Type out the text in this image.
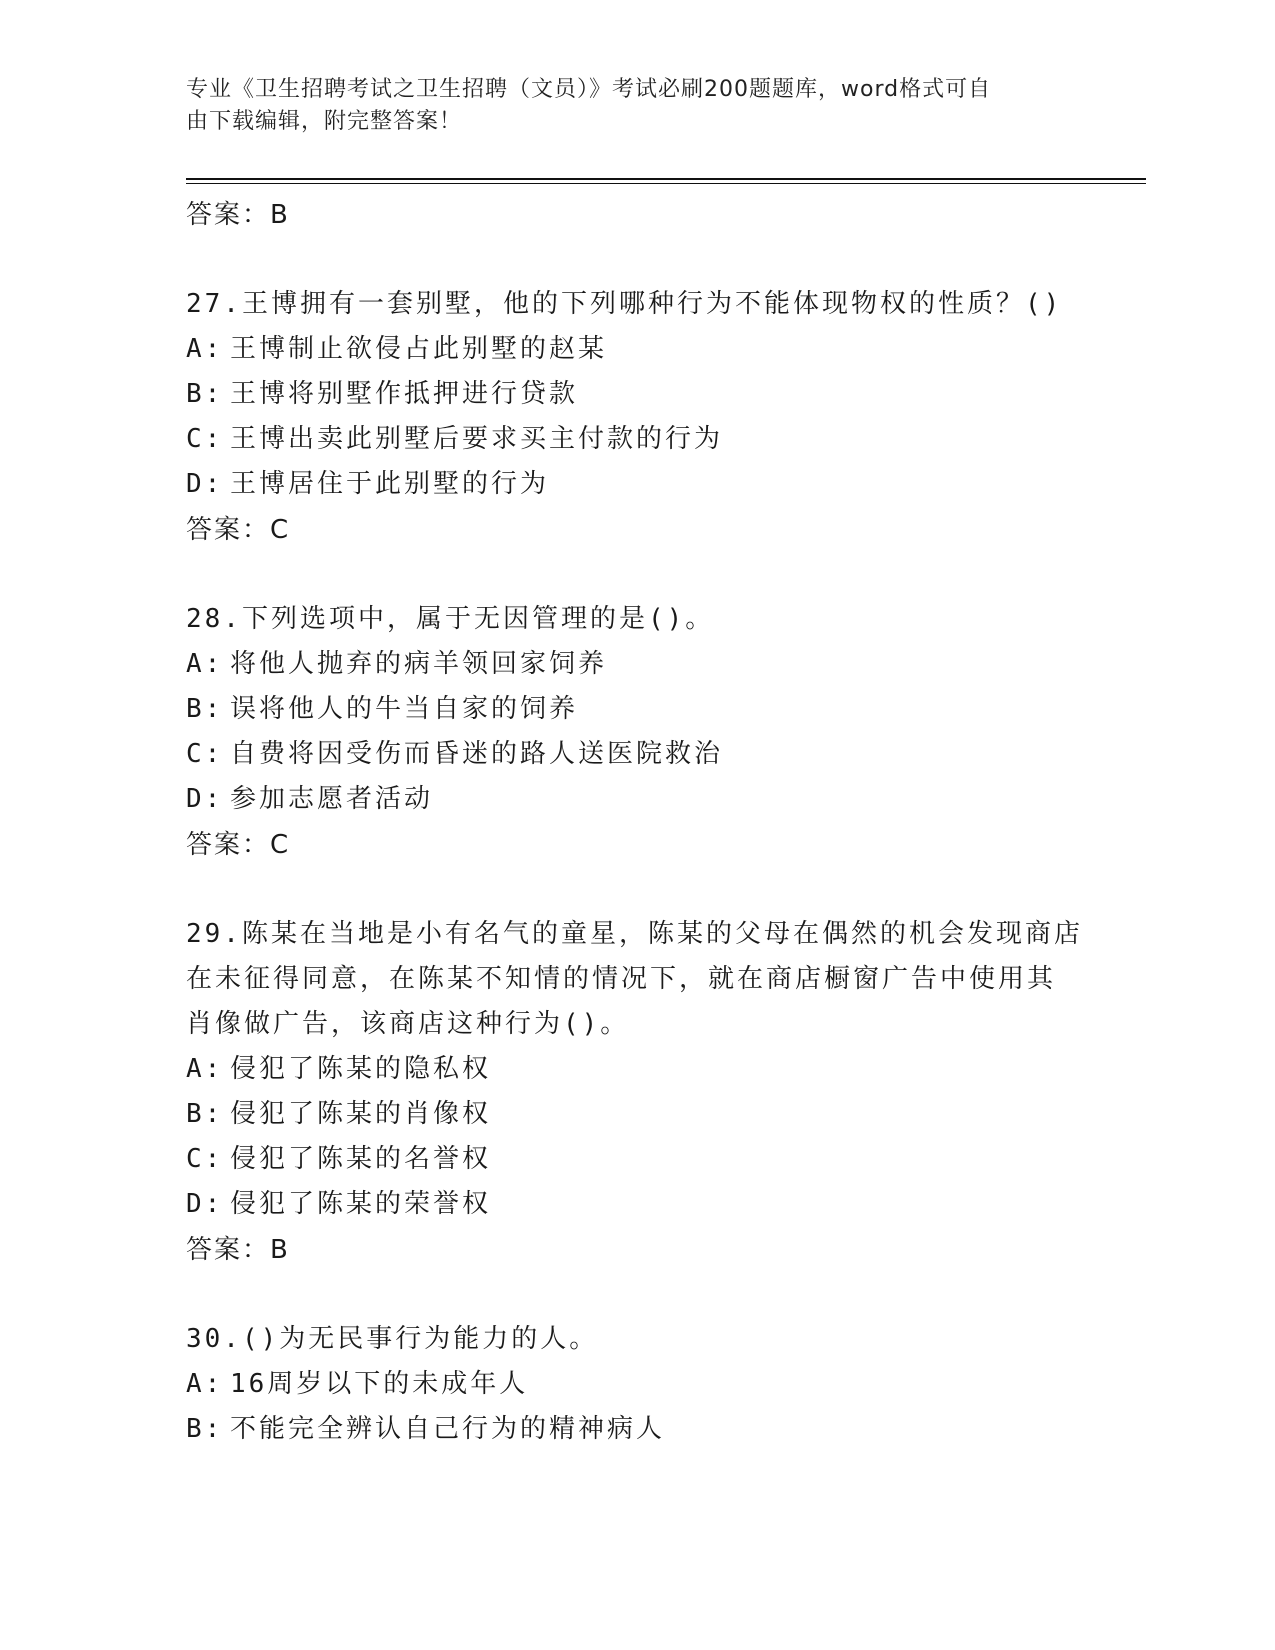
专业《卫生招聘考试之卫生招聘（文员）》考试必刷200题题库，word格式可自
由下载编辑，附完整答案！
答案：B
27.王博拥有一套别墅，他的下列哪种行为不能体现物权的性质？()
A: 王博制止欲侵占此别墅的赵某
B: 王博将别墅作抵押进行贷款
C: 王博出卖此别墅后要求买主付款的行为
D: 王博居住于此别墅的行为
答案：C
28.下列选项中，属于无因管理的是()。
A: 将他人抛弃的病羊领回家饲养
B: 误将他人的牛当自家的饲养
C: 自费将因受伤而昏迷的路人送医院救治
D: 参加志愿者活动
答案：C
29.陈某在当地是小有名气的童星，陈某的父母在偶然的机会发现商店
在未征得同意，在陈某不知情的情况下，就在商店橱窗广告中使用其
肖像做广告，该商店这种行为()。
A: 侵犯了陈某的隐私权
B: 侵犯了陈某的肖像权
C: 侵犯了陈某的名誉权
D: 侵犯了陈某的荣誉权
答案：B
30.()为无民事行为能力的人。
A: 16周岁以下的未成年人
B: 不能完全辨认自己行为的精神病人
